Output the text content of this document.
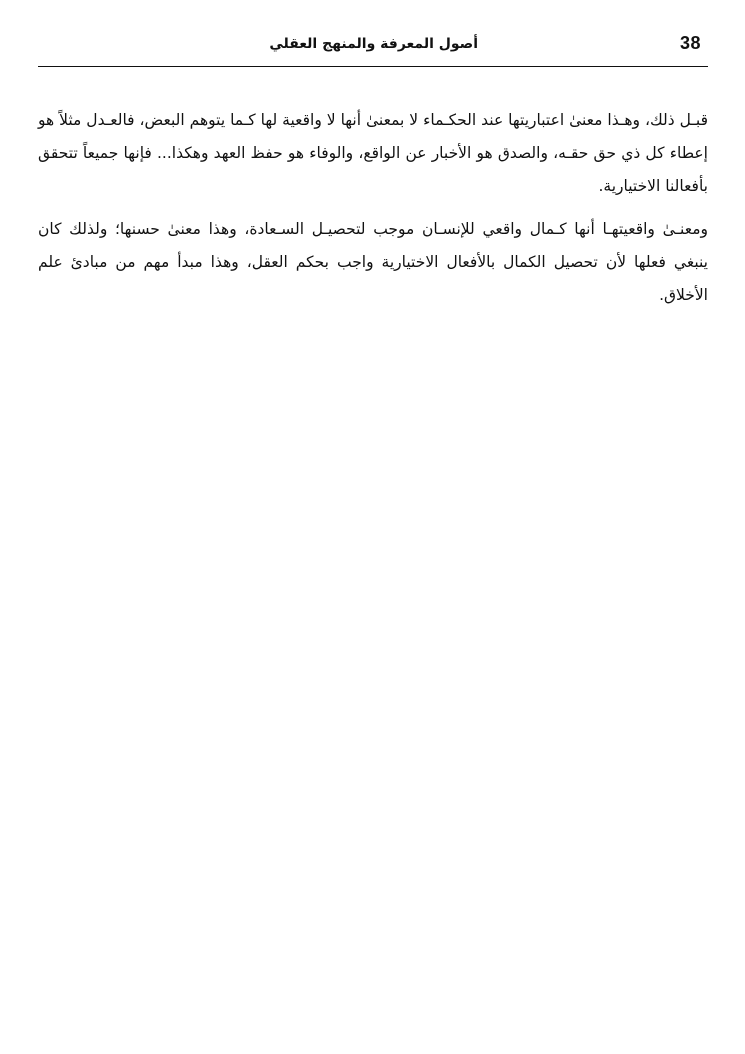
38
أصول المعرفة والمنهج العقلي

قبـل ذلك، وهـذا معنىٰ اعتباريتها عند الحكـماء لا بمعنىٰ أنها لا واقعية لها كـما يتوهم البعض، فالعـدل مثلاً هو إعطاء كل ذي حق حقـه، والصدق هو الأخبار عن الواقع، والوفاء هو حفظ العهد وهكذا... فإنها جميعاً تتحقق بأفعالنا الاختيارية.

ومعنـىٰ واقعيتهـا أنها كـمال واقعي للإنسـان موجب لتحصيـل السـعادة، وهذا معنىٰ حسنها؛ ولذلك كان ينبغي فعلها لأن تحصيل الكمال بالأفعال الاختيارية واجب بحكم العقل، وهذا مبدأ مهم من مبادئ علم الأخلاق.
